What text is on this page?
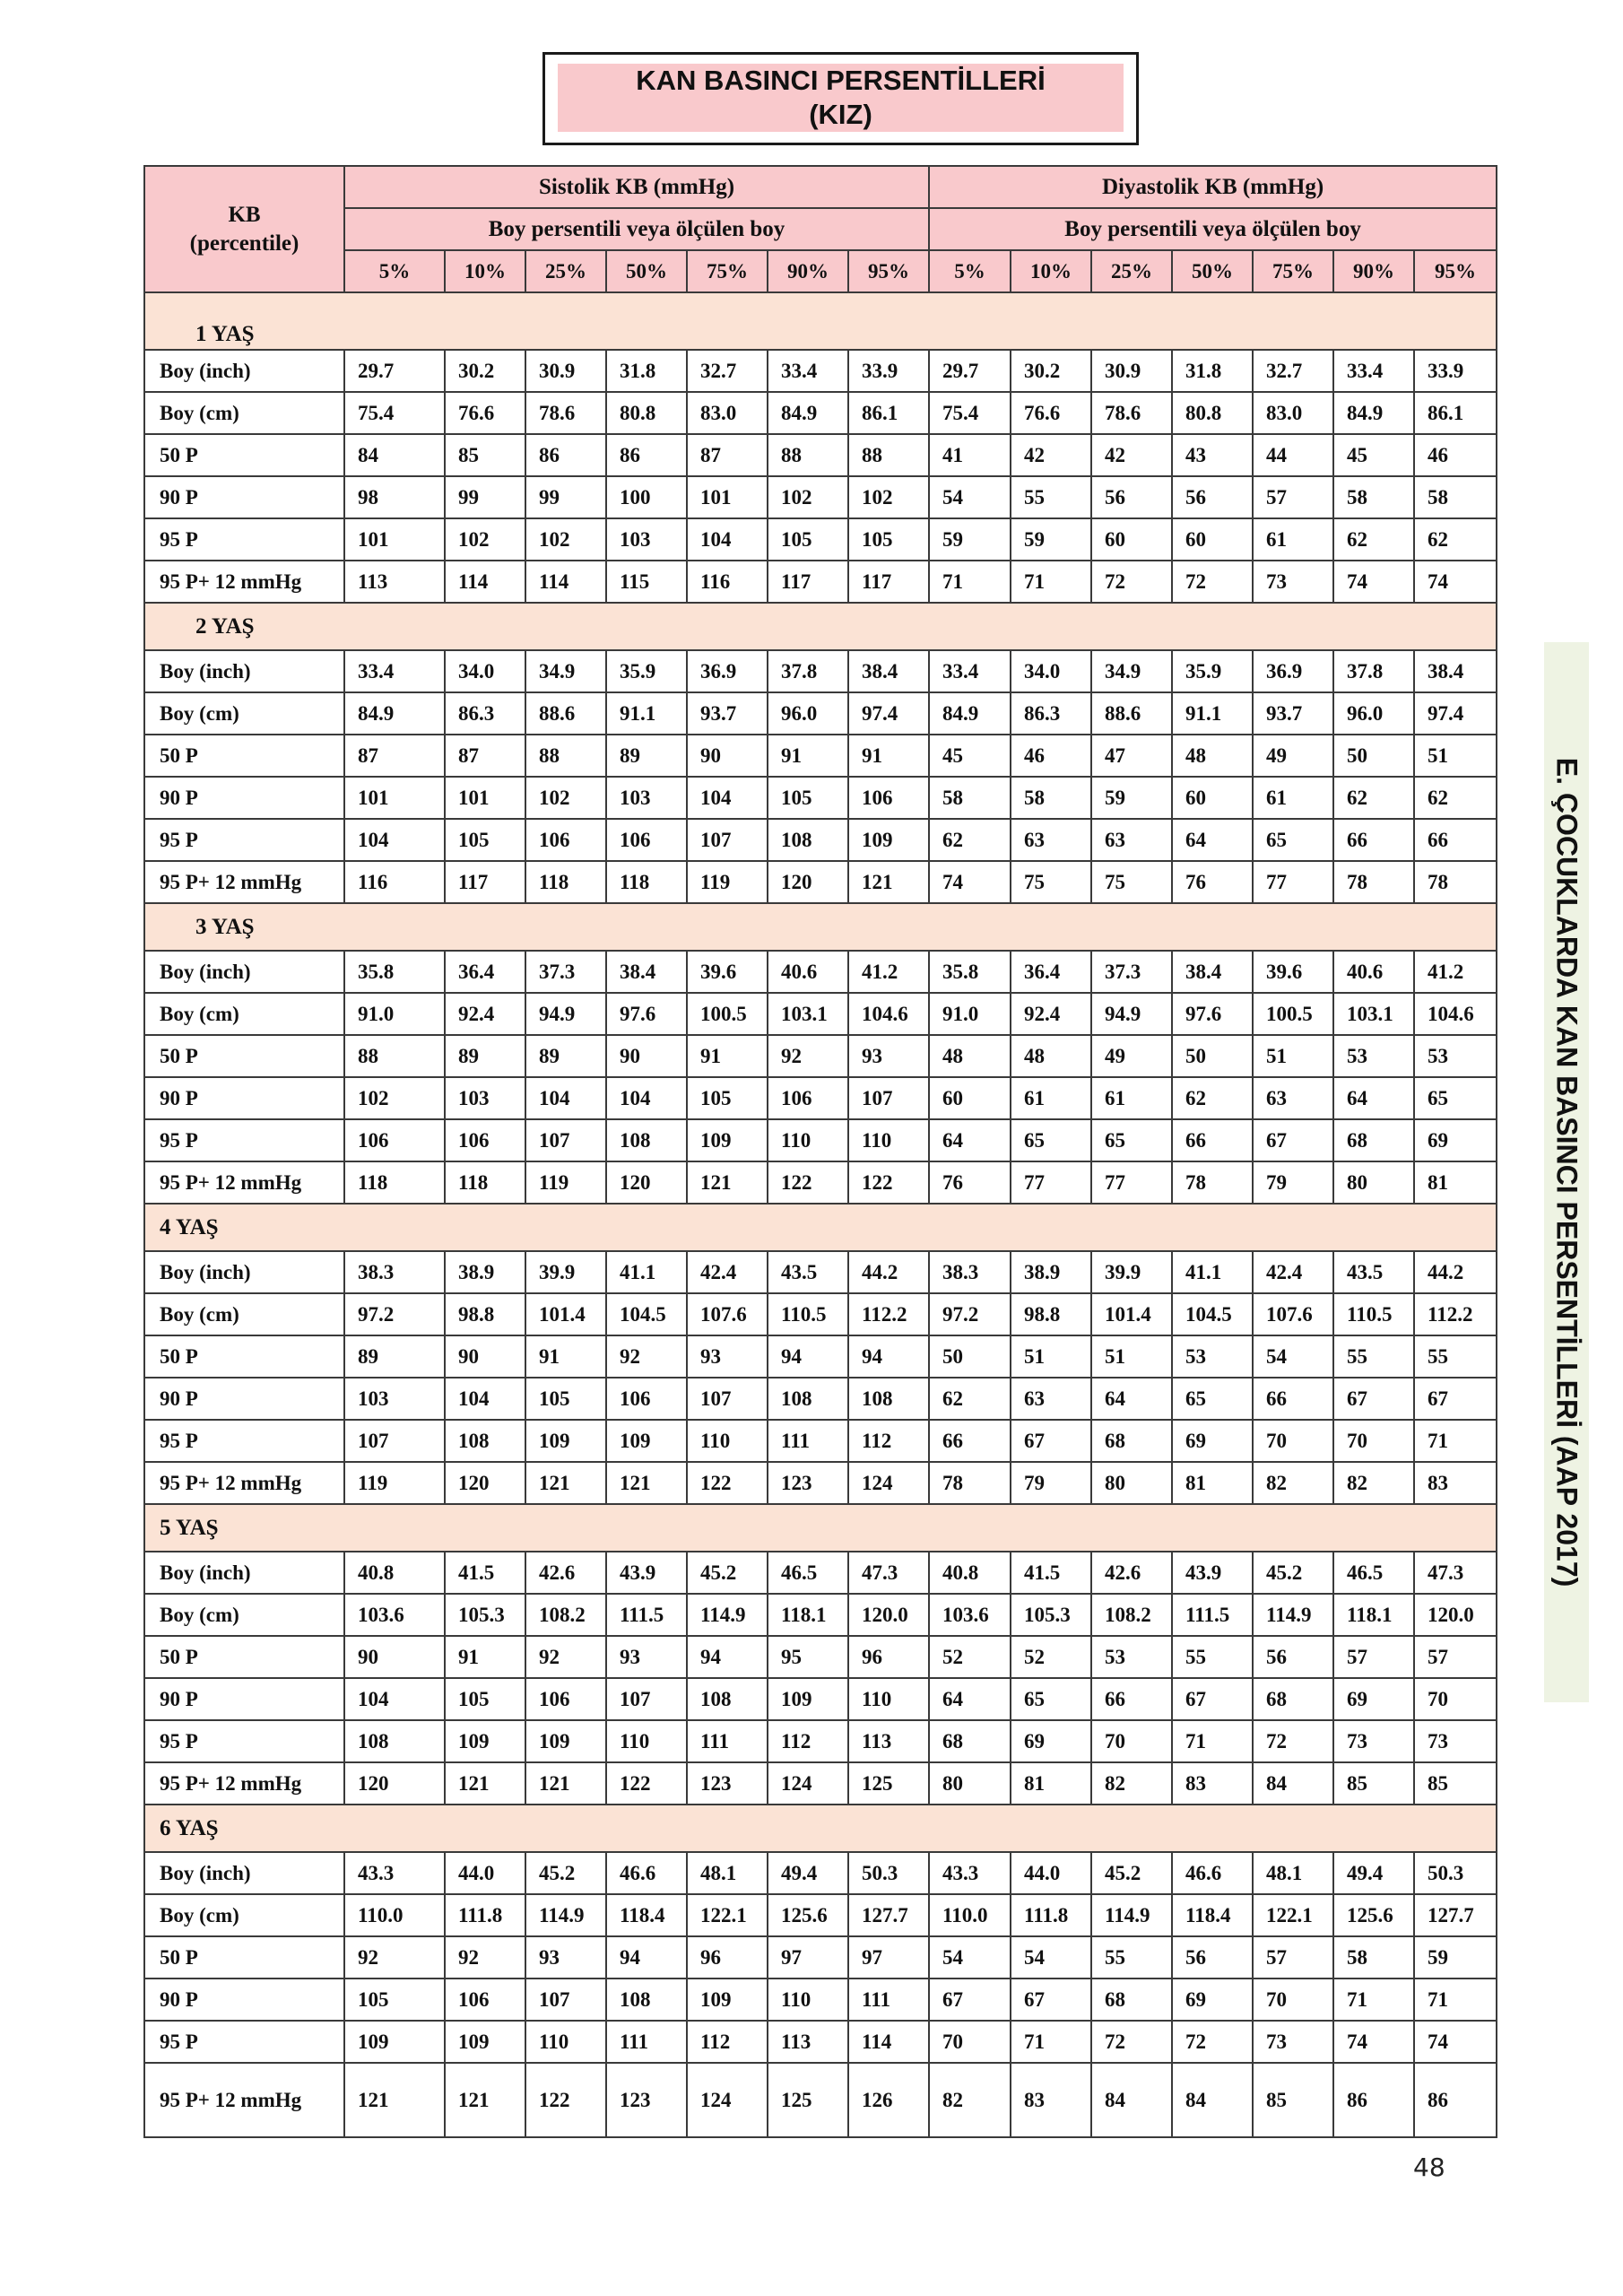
KAN BASINCI PERSENTİLLERİ
(KIZ)
KB
(percentile)	Sistolik KB (mmHg)							Diyastolik KB (mmHg)						
	Boy persentili veya ölçülen boy							Boy persentili veya ölçülen boy						
	5%	10%	25%	50%	75%	90%	95%	5%	10%	25%	50%	75%	90%	95%
1 YAŞ														
Boy (inch)	29.7	30.2	30.9	31.8	32.7	33.4	33.9	29.7	30.2	30.9	31.8	32.7	33.4	33.9
Boy (cm)	75.4	76.6	78.6	80.8	83.0	84.9	86.1	75.4	76.6	78.6	80.8	83.0	84.9	86.1
50 P	84	85	86	86	87	88	88	41	42	42	43	44	45	46
90 P	98	99	99	100	101	102	102	54	55	56	56	57	58	58
95 P	101	102	102	103	104	105	105	59	59	60	60	61	62	62
95 P+ 12 mmHg	113	114	114	115	116	117	117	71	71	72	72	73	74	74
2 YAŞ														
Boy (inch)	33.4	34.0	34.9	35.9	36.9	37.8	38.4	33.4	34.0	34.9	35.9	36.9	37.8	38.4
Boy (cm)	84.9	86.3	88.6	91.1	93.7	96.0	97.4	84.9	86.3	88.6	91.1	93.7	96.0	97.4
50 P	87	87	88	89	90	91	91	45	46	47	48	49	50	51
90 P	101	101	102	103	104	105	106	58	58	59	60	61	62	62
95 P	104	105	106	106	107	108	109	62	63	63	64	65	66	66
95 P+ 12 mmHg	116	117	118	118	119	120	121	74	75	75	76	77	78	78
3 YAŞ														
Boy (inch)	35.8	36.4	37.3	38.4	39.6	40.6	41.2	35.8	36.4	37.3	38.4	39.6	40.6	41.2
Boy (cm)	91.0	92.4	94.9	97.6	100.5	103.1	104.6	91.0	92.4	94.9	97.6	100.5	103.1	104.6
50 P	88	89	89	90	91	92	93	48	48	49	50	51	53	53
90 P	102	103	104	104	105	106	107	60	61	61	62	63	64	65
95 P	106	106	107	108	109	110	110	64	65	65	66	67	68	69
95 P+ 12 mmHg	118	118	119	120	121	122	122	76	77	77	78	79	80	81
4 YAŞ														
Boy (inch)	38.3	38.9	39.9	41.1	42.4	43.5	44.2	38.3	38.9	39.9	41.1	42.4	43.5	44.2
Boy (cm)	97.2	98.8	101.4	104.5	107.6	110.5	112.2	97.2	98.8	101.4	104.5	107.6	110.5	112.2
50 P	89	90	91	92	93	94	94	50	51	51	53	54	55	55
90 P	103	104	105	106	107	108	108	62	63	64	65	66	67	67
95 P	107	108	109	109	110	111	112	66	67	68	69	70	70	71
95 P+ 12 mmHg	119	120	121	121	122	123	124	78	79	80	81	82	82	83
5 YAŞ														
Boy (inch)	40.8	41.5	42.6	43.9	45.2	46.5	47.3	40.8	41.5	42.6	43.9	45.2	46.5	47.3
Boy (cm)	103.6	105.3	108.2	111.5	114.9	118.1	120.0	103.6	105.3	108.2	111.5	114.9	118.1	120.0
50 P	90	91	92	93	94	95	96	52	52	53	55	56	57	57
90 P	104	105	106	107	108	109	110	64	65	66	67	68	69	70
95 P	108	109	109	110	111	112	113	68	69	70	71	72	73	73
95 P+ 12 mmHg	120	121	121	122	123	124	125	80	81	82	83	84	85	85
6 YAŞ														
Boy (inch)	43.3	44.0	45.2	46.6	48.1	49.4	50.3	43.3	44.0	45.2	46.6	48.1	49.4	50.3
Boy (cm)	110.0	111.8	114.9	118.4	122.1	125.6	127.7	110.0	111.8	114.9	118.4	122.1	125.6	127.7
50 P	92	92	93	94	96	97	97	54	54	55	56	57	58	59
90 P	105	106	107	108	109	110	111	67	67	68	69	70	71	71
95 P	109	109	110	111	112	113	114	70	71	72	72	73	74	74
95 P+ 12 mmHg	121	121	122	123	124	125	126	82	83	84	84	85	86	86
E. ÇOCUKLARDA KAN BASINCI PERSENTİLLERİ (AAP 2017)
48
